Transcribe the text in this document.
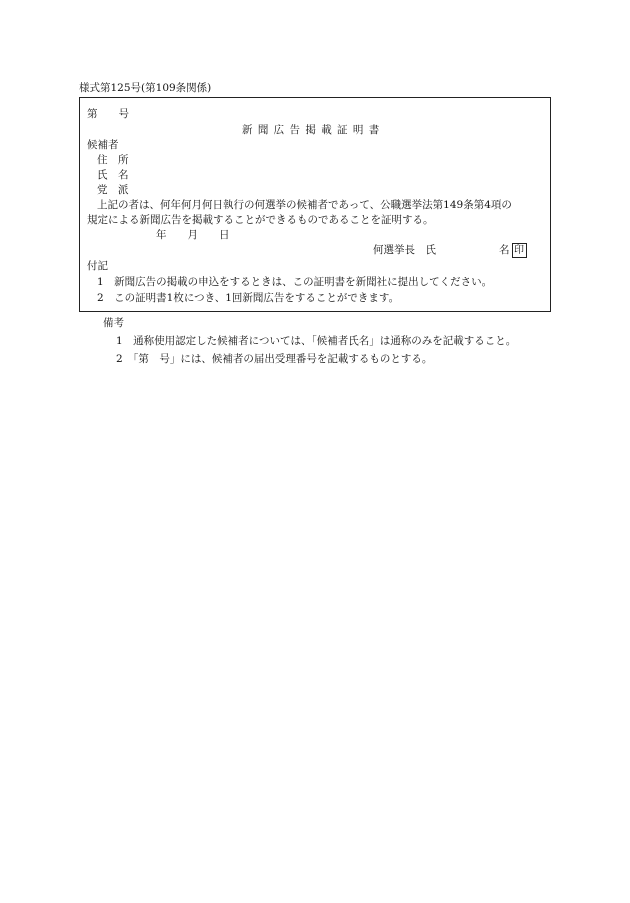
様式第125号(第109条関係)
第　　号
新 聞 広 告 掲 載 証 明 書
候補者
住　所
氏　名
党　派
上記の者は、何年何月何日執行の何選挙の候補者であって、公職選挙法第149条第4項の
規定による新聞広告を掲載することができるものであることを証明する。
年　　月　　日
何選挙長　氏　　　　　　名 印
付記
1　新聞広告の掲載の申込をするときは、この証明書を新聞社に提出してください。
2　この証明書1枚につき、1回新聞広告をすることができます。
備考
1　通称使用認定した候補者については、「候補者氏名」は通称のみを記載すること。
2　「第　号」には、候補者の届出受理番号を記載するものとする。
